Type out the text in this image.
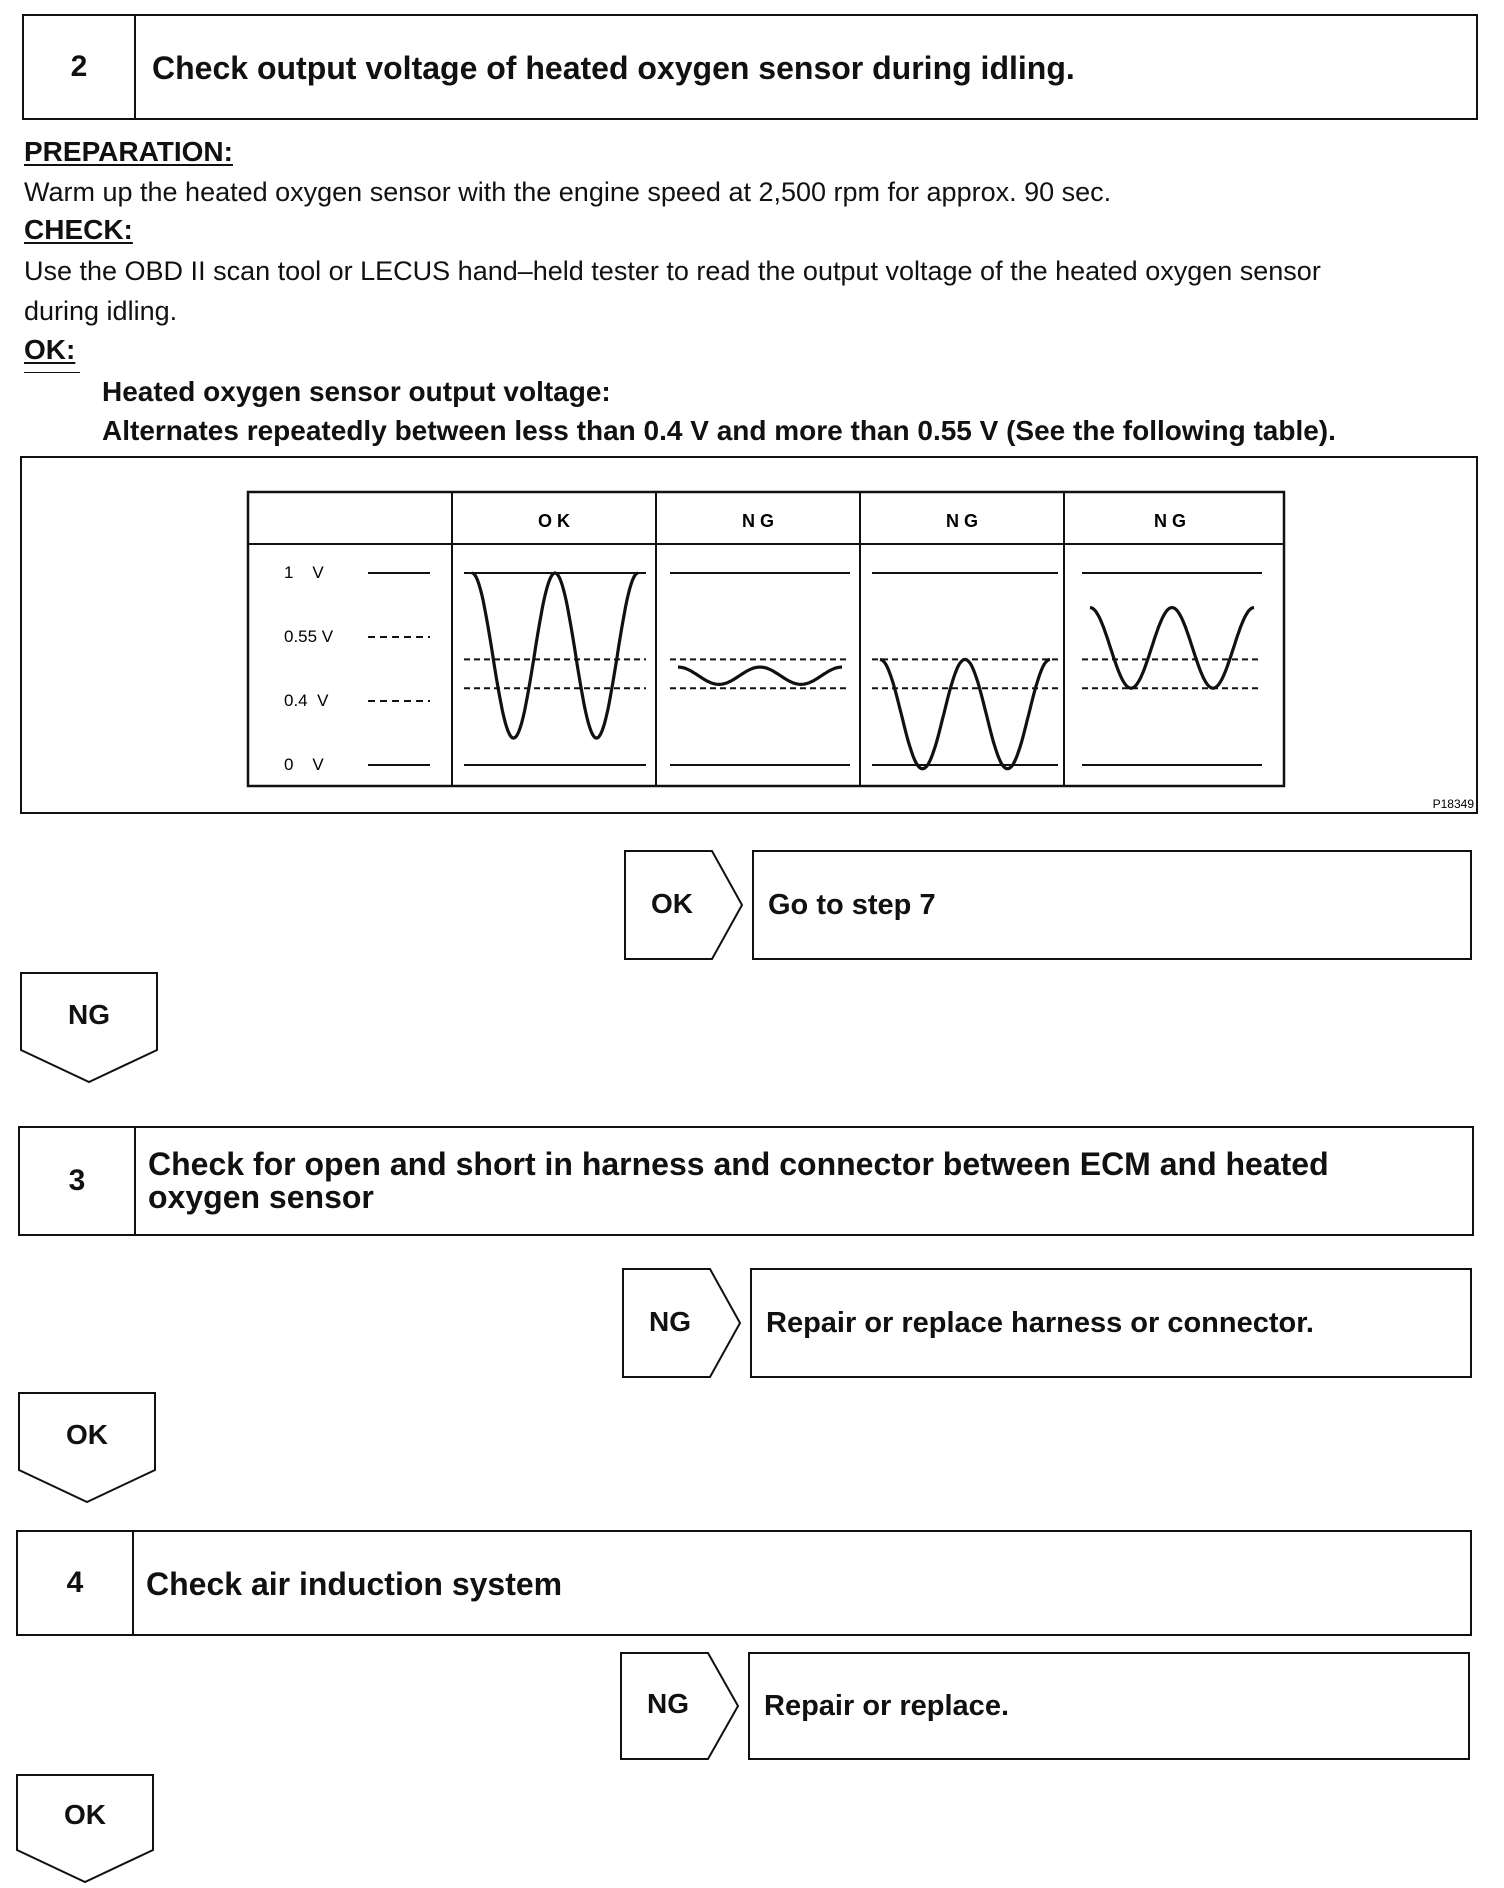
2	Check output voltage of heated oxygen sensor during idling.
PREPARATION:
Warm up the heated oxygen sensor with the engine speed at 2,500 rpm for approx. 90 sec.
CHECK:
Use the OBD II scan tool or LECUS hand–held tester to read the output voltage of the heated oxygen sensor
during idling.
OK:
Heated oxygen sensor output voltage:
Alternates repeatedly between less than 0.4 V and more than 0.55 V (See the following table).
O K	N G	N G	N G
1    V
0.55 V
0.4  V
0    V
P18349
OK	Go to step 7
NG
3	Check for open and short in harness and connector between ECM and heated
oxygen sensor
NG	Repair or replace harness or connector.
OK
4	Check air induction system
NG	Repair or replace.
OK
